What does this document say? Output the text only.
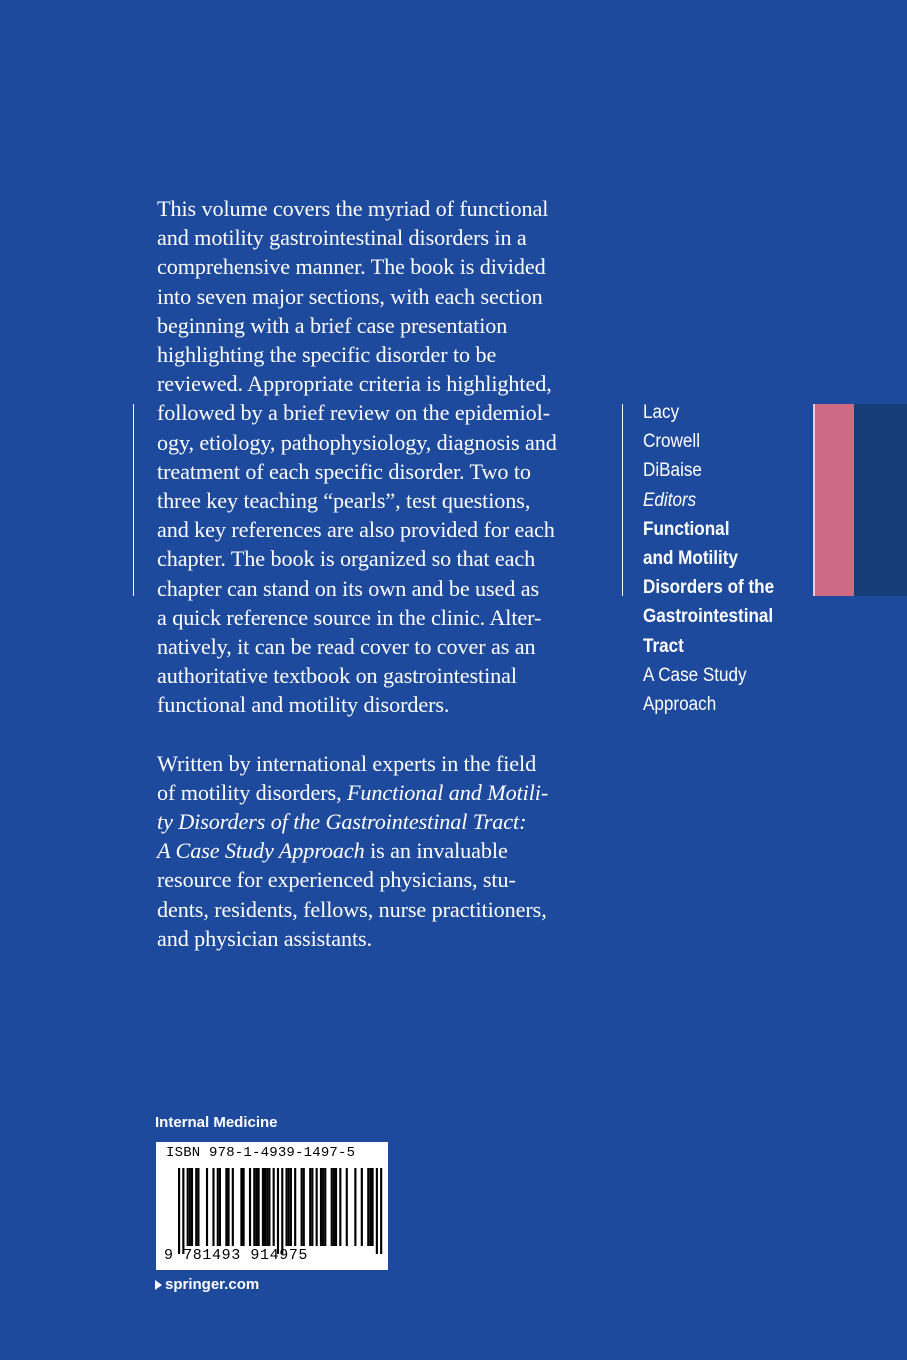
This volume covers the myriad of functional
and motility gastrointestinal disorders in a
comprehensive manner. The book is divided
into seven major sections, with each section
beginning with a brief case presentation
highlighting the specific disorder to be
reviewed. Appropriate criteria is highlighted,
followed by a brief review on the epidemiol-
ogy, etiology, pathophysiology, diagnosis and
treatment of each specific disorder. Two to
three key teaching “pearls”, test questions,
and key references are also provided for each
chapter. The book is organized so that each
chapter can stand on its own and be used as
a quick reference source in the clinic. Alter-
natively, it can be read cover to cover as an
authoritative textbook on gastrointestinal
functional and motility disorders.

Written by international experts in the field
of motility disorders, Functional and Motili-
ty Disorders of the Gastrointestinal Tract:
A Case Study Approach is an invaluable
resource for experienced physicians, stu-
dents, residents, fellows, nurse practitioners,
and physician assistants.

Lacy
Crowell
DiBaise
Editors
Functional
and Motility
Disorders of the
Gastrointestinal
Tract
A Case Study
Approach
Internal Medicine
ISBN 978-1-4939-1497-5
9 781493 914975
springer.com
